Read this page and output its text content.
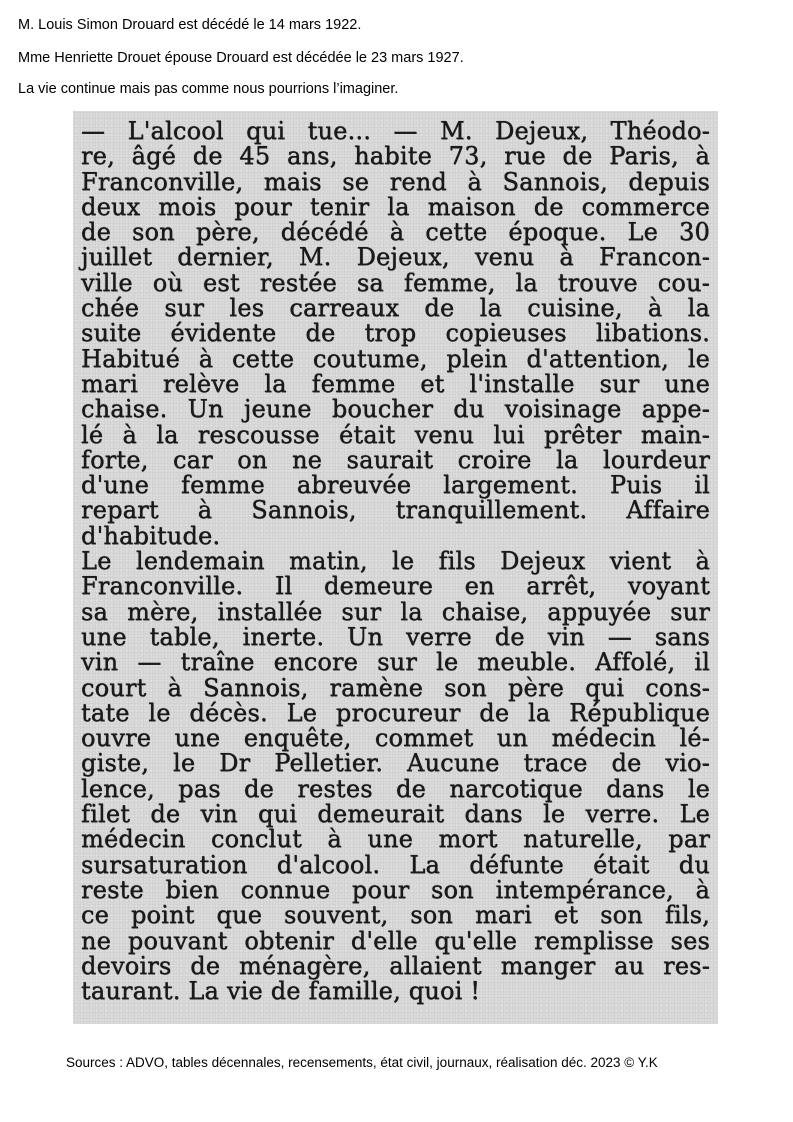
M. Louis Simon Drouard est décédé le 14 mars 1922.
Mme Henriette Drouet épouse Drouard est décédée le 23 mars 1927.
La vie continue mais pas comme nous pourrions l’imaginer.
— L'alcool qui tue... — M. Dejeux, Théodo-
re, âgé de 45 ans, habite 73, rue de Paris, à
Franconville, mais se rend à Sannois, depuis
deux mois pour tenir la maison de commerce
de son père, décédé à cette époque. Le 30
juillet dernier, M. Dejeux, venu à Francon-
ville où est restée sa femme, la trouve cou-
chée sur les carreaux de la cuisine, à la
suite évidente de trop copieuses libations.
Habitué à cette coutume, plein d'attention, le
mari relève la femme et l'installe sur une
chaise. Un jeune boucher du voisinage appe-
lé à la rescousse était venu lui prêter main-
forte, car on ne saurait croire la lourdeur
d'une femme abreuvée largement. Puis il
repart à Sannois, tranquillement. Affaire
d'habitude.
Le lendemain matin, le fils Dejeux vient à
Franconville. Il demeure en arrêt, voyant
sa mère, installée sur la chaise, appuyée sur
une table, inerte. Un verre de vin — sans
vin — traîne encore sur le meuble. Affolé, il
court à Sannois, ramène son père qui cons-
tate le décès. Le procureur de la République
ouvre une enquête, commet un médecin lé-
giste, le Dr Pelletier. Aucune trace de vio-
lence, pas de restes de narcotique dans le
filet de vin qui demeurait dans le verre. Le
médecin conclut à une mort naturelle, par
sursaturation d'alcool. La défunte était du
reste bien connue pour son intempérance, à
ce point que souvent, son mari et son fils,
ne pouvant obtenir d'elle qu'elle remplisse ses
devoirs de ménagère, allaient manger au res-
taurant. La vie de famille, quoi !
Sources : ADVO, tables décennales, recensements, état civil, journaux, réalisation déc. 2023 © Y.K
